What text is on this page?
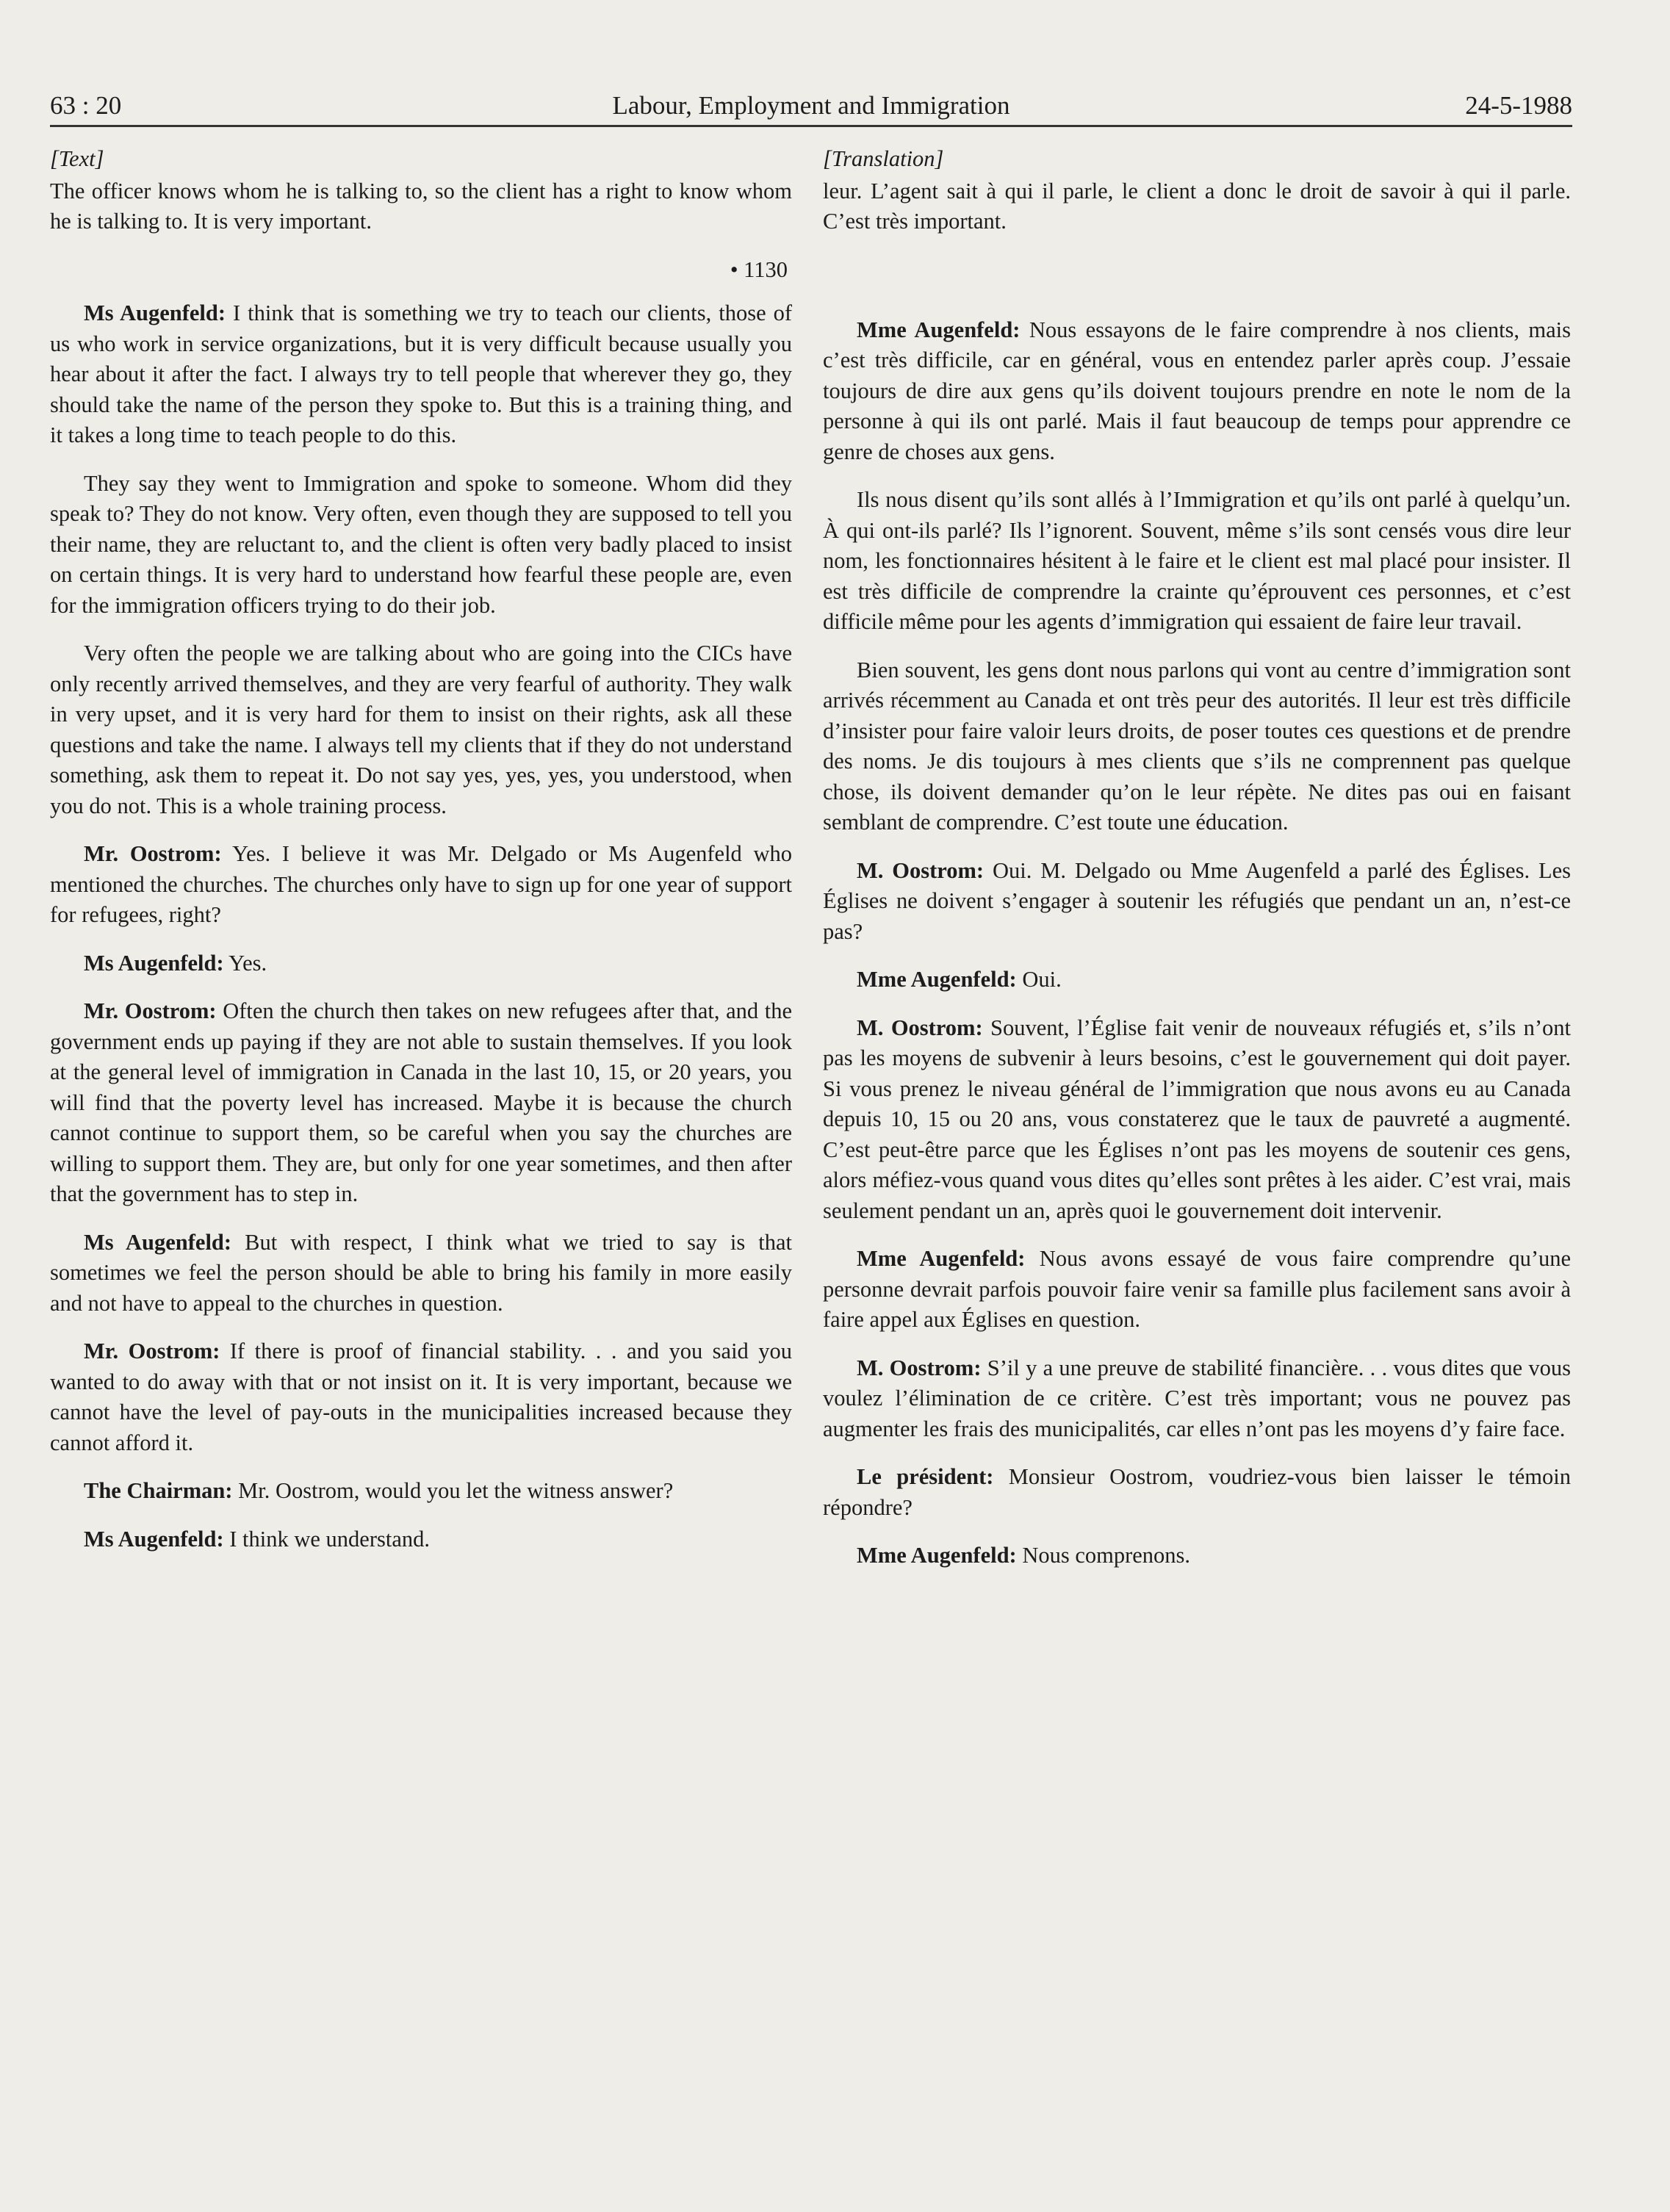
63 : 20	Labour, Employment and Immigration	24-5-1988
[Text]
The officer knows whom he is talking to, so the client has a right to know whom he is talking to. It is very important.
• 1130
Ms Augenfeld: I think that is something we try to teach our clients, those of us who work in service organizations, but it is very difficult because usually you hear about it after the fact. I always try to tell people that wherever they go, they should take the name of the person they spoke to. But this is a training thing, and it takes a long time to teach people to do this.
They say they went to Immigration and spoke to someone. Whom did they speak to? They do not know. Very often, even though they are supposed to tell you their name, they are reluctant to, and the client is often very badly placed to insist on certain things. It is very hard to understand how fearful these people are, even for the immigration officers trying to do their job.
Very often the people we are talking about who are going into the CICs have only recently arrived themselves, and they are very fearful of authority. They walk in very upset, and it is very hard for them to insist on their rights, ask all these questions and take the name. I always tell my clients that if they do not understand something, ask them to repeat it. Do not say yes, yes, yes, you understood, when you do not. This is a whole training process.
Mr. Oostrom: Yes. I believe it was Mr. Delgado or Ms Augenfeld who mentioned the churches. The churches only have to sign up for one year of support for refugees, right?
Ms Augenfeld: Yes.
Mr. Oostrom: Often the church then takes on new refugees after that, and the government ends up paying if they are not able to sustain themselves. If you look at the general level of immigration in Canada in the last 10, 15, or 20 years, you will find that the poverty level has increased. Maybe it is because the church cannot continue to support them, so be careful when you say the churches are willing to support them. They are, but only for one year sometimes, and then after that the government has to step in.
Ms Augenfeld: But with respect, I think what we tried to say is that sometimes we feel the person should be able to bring his family in more easily and not have to appeal to the churches in question.
Mr. Oostrom: If there is proof of financial stability. . . and you said you wanted to do away with that or not insist on it. It is very important, because we cannot have the level of pay-outs in the municipalities increased because they cannot afford it.
The Chairman: Mr. Oostrom, would you let the witness answer?
Ms Augenfeld: I think we understand.
[Translation]
leur. L’agent sait à qui il parle, le client a donc le droit de savoir à qui il parle. C’est très important.
Mme Augenfeld: Nous essayons de le faire comprendre à nos clients, mais c’est très difficile, car en général, vous en entendez parler après coup. J’essaie toujours de dire aux gens qu’ils doivent toujours prendre en note le nom de la personne à qui ils ont parlé. Mais il faut beaucoup de temps pour apprendre ce genre de choses aux gens.
Ils nous disent qu’ils sont allés à l’Immigration et qu’ils ont parlé à quelqu’un. À qui ont-ils parlé? Ils l’ignorent. Souvent, même s’ils sont censés vous dire leur nom, les fonctionnaires hésitent à le faire et le client est mal placé pour insister. Il est très difficile de comprendre la crainte qu’éprouvent ces personnes, et c’est difficile même pour les agents d’immigration qui essaient de faire leur travail.
Bien souvent, les gens dont nous parlons qui vont au centre d’immigration sont arrivés récemment au Canada et ont très peur des autorités. Il leur est très difficile d’insister pour faire valoir leurs droits, de poser toutes ces questions et de prendre des noms. Je dis toujours à mes clients que s’ils ne comprennent pas quelque chose, ils doivent demander qu’on le leur répète. Ne dites pas oui en faisant semblant de comprendre. C’est toute une éducation.
M. Oostrom: Oui. M. Delgado ou Mme Augenfeld a parlé des Églises. Les Églises ne doivent s’engager à soutenir les réfugiés que pendant un an, n’est-ce pas?
Mme Augenfeld: Oui.
M. Oostrom: Souvent, l’Église fait venir de nouveaux réfugiés et, s’ils n’ont pas les moyens de subvenir à leurs besoins, c’est le gouvernement qui doit payer. Si vous prenez le niveau général de l’immigration que nous avons eu au Canada depuis 10, 15 ou 20 ans, vous constaterez que le taux de pauvreté a augmenté. C’est peut-être parce que les Églises n’ont pas les moyens de soutenir ces gens, alors méfiez-vous quand vous dites qu’elles sont prêtes à les aider. C’est vrai, mais seulement pendant un an, après quoi le gouvernement doit intervenir.
Mme Augenfeld: Nous avons essayé de vous faire comprendre qu’une personne devrait parfois pouvoir faire venir sa famille plus facilement sans avoir à faire appel aux Églises en question.
M. Oostrom: S’il y a une preuve de stabilité financière. . . vous dites que vous voulez l’élimination de ce critère. C’est très important; vous ne pouvez pas augmenter les frais des municipalités, car elles n’ont pas les moyens d’y faire face.
Le président: Monsieur Oostrom, voudriez-vous bien laisser le témoin répondre?
Mme Augenfeld: Nous comprenons.
